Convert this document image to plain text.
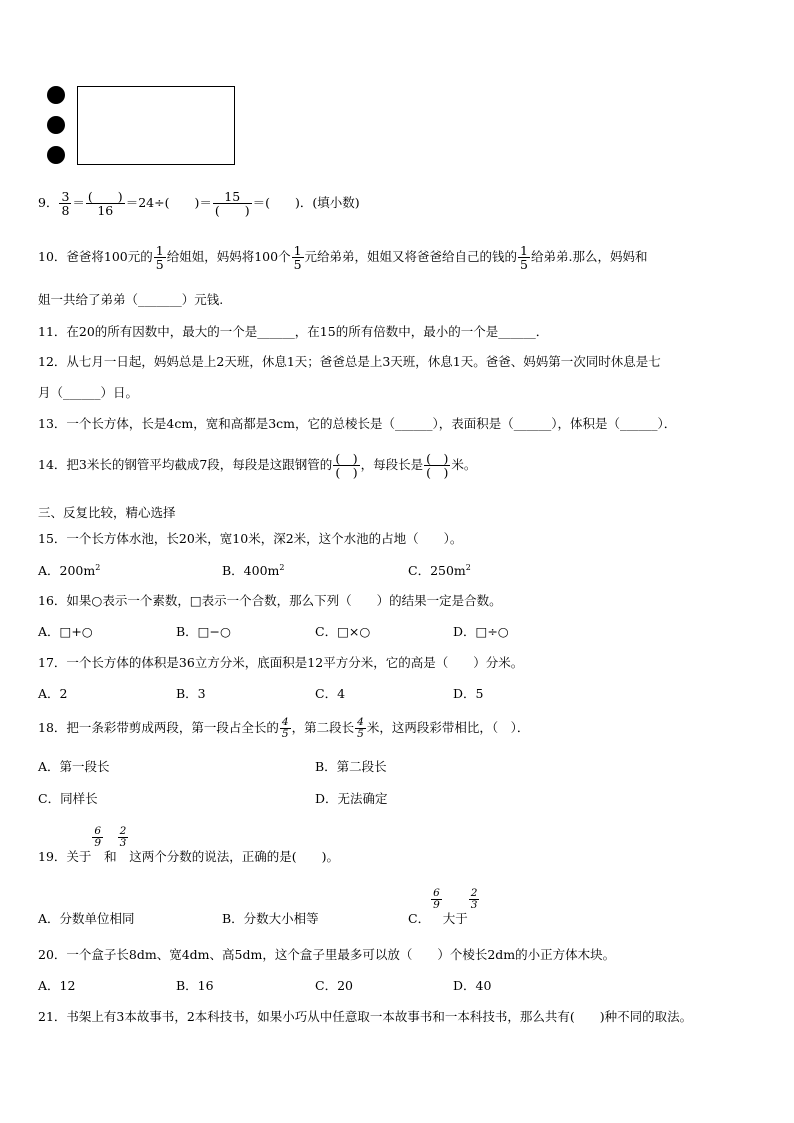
9． $\frac{3}{8} = \frac{( )}{16} =24\div$(　　)＝ $\frac{15}{( )}$ ＝(　　)．(填小数)
10．爸爸将100元的 $\frac{1}{5}$ 给姐姐，妈妈将100个 $\frac{1}{5}$ 元给弟弟，姐姐又将爸爸给自己的钱的 $\frac{1}{5}$ 给弟弟.那么，妈妈和
姐一共给了弟弟（_______）元钱.
11．在20的所有因数中，最大的一个是______，在15的所有倍数中，最小的一个是______．
12．从七月一日起，妈妈总是上2天班，休息1天；爸爸总是上3天班，休息1天。爸爸、妈妈第一次同时休息是七
月（______）日。
13．一个长方体，长是4cm，宽和高都是3cm，它的总棱长是（______），表面积是（______），体积是（______）．
14．把3米长的钢管平均截成7段，每段是这跟钢管的 $\frac{( )}{( )}$ ，每段长是 $\frac{( )}{( )}$ 米。
三、反复比较，精心选择
15．一个长方体水池，长20米，宽10米，深2米，这个水池的占地（　　）。
A．$200m^2$	B．$400m^2$	C．$250m^2$
16．如果○表示一个素数，□表示一个合数，那么下列（　　）的结果一定是合数。
A．□+○	B．□−○	C．□×○	D．□÷○
17．一个长方体的体积是36立方分米，底面积是12平方分米，它的高是（　　）分米。
A．2	B．3	C．4	D．5
18．把一条彩带剪成两段，第一段占全长的 $\frac{4}{5}$ ，第二段长 $\frac{4}{5}$ 米，这两段彩带相比，（　）．
A．第一段长	B．第二段长
C．同样长	D．无法确定
19．关于
$\frac{6}{9}$
和
$\frac{2}{3}$
这两个分数的说法，正确的是(　　)。
A．分数单位相同	B．分数大小相等	C．
$\frac{6}{9}$
大于
$\frac{2}{3}$
20．一个盒子长8dm、宽4dm、高5dm，这个盒子里最多可以放（　　）个棱长2dm的小正方体木块。
A．12	B．16	C．20	D．40
21．书架上有3本故事书，2本科技书，如果小巧从中任意取一本故事书和一本科技书，那么共有(　　)种不同的取法。
